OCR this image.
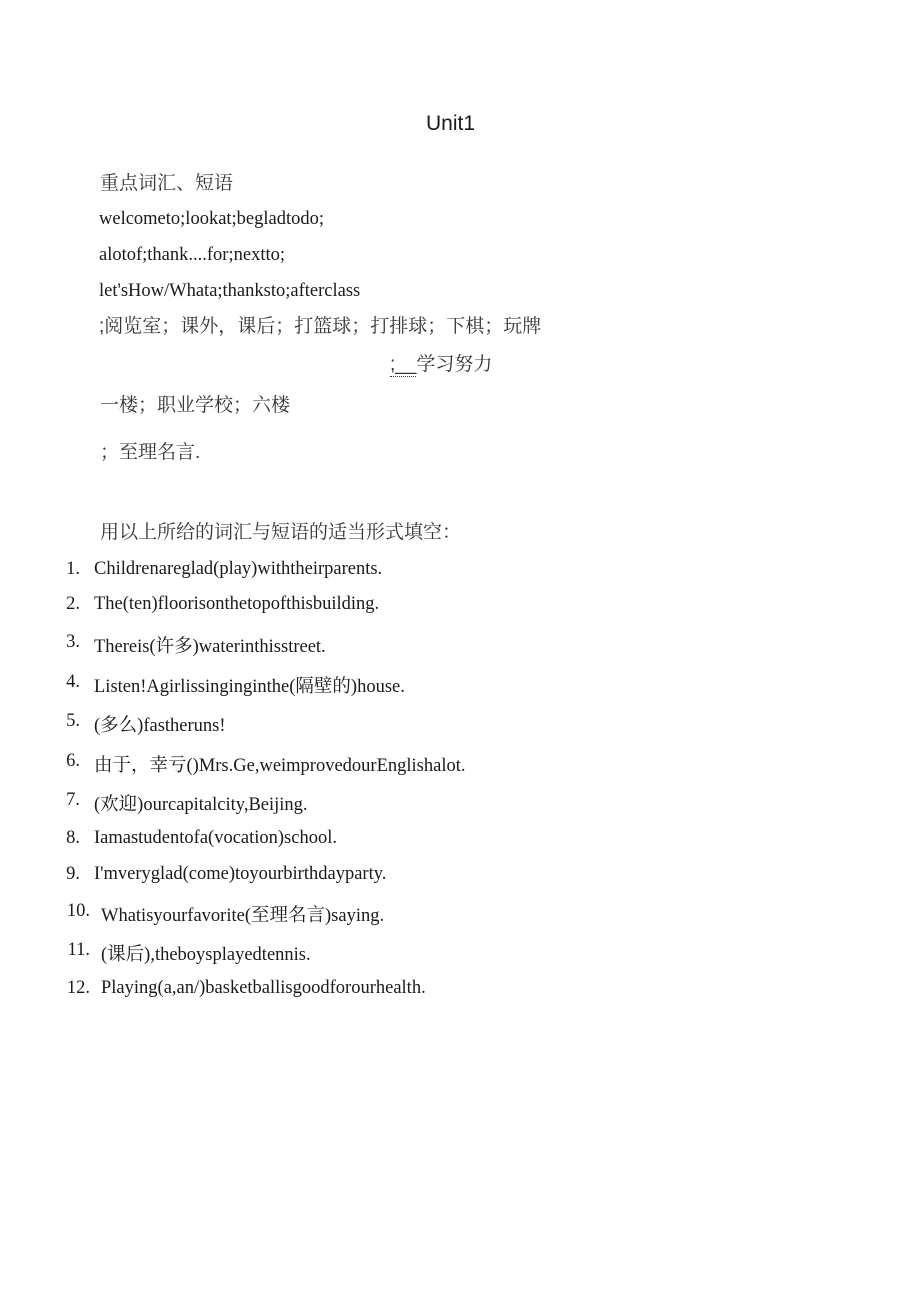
Unit1
重点词汇、短语
welcometo;lookat;begladtodo;
alotof;thank....for;nextto;
let'sHow/Whata;thanksto;afterclass
;阅览室；课外，课后；打篮球；打排球；下棋；玩牌
;__学习努力
一楼；职业学校；六楼
；至理名言.
用以上所给的词汇与短语的适当形式填空：
1. Childrenareglad(play)withtheirparents.
2. The(ten)floorisonthetopofthisbuilding.
3. Thereis(许多)waterinthisstreet.
4. Listen!Agirlissinginginthe(隔壁的)house.
5. (多么)fastheruns!
6. 由于，幸亏()Mrs.Ge,weimprovedourEnglishalot.
7. (欢迎)ourcapitalcity,Beijing.
8. Iamastudentofa(vocation)school.
9. I'mveryglad(come)toyourbirthdayparty.
10. Whatisyourfavorite(至理名言)saying.
11. (课后),theboysplayedtennis.
12. Playing(a,an/)basketballisgoodforourhealth.
